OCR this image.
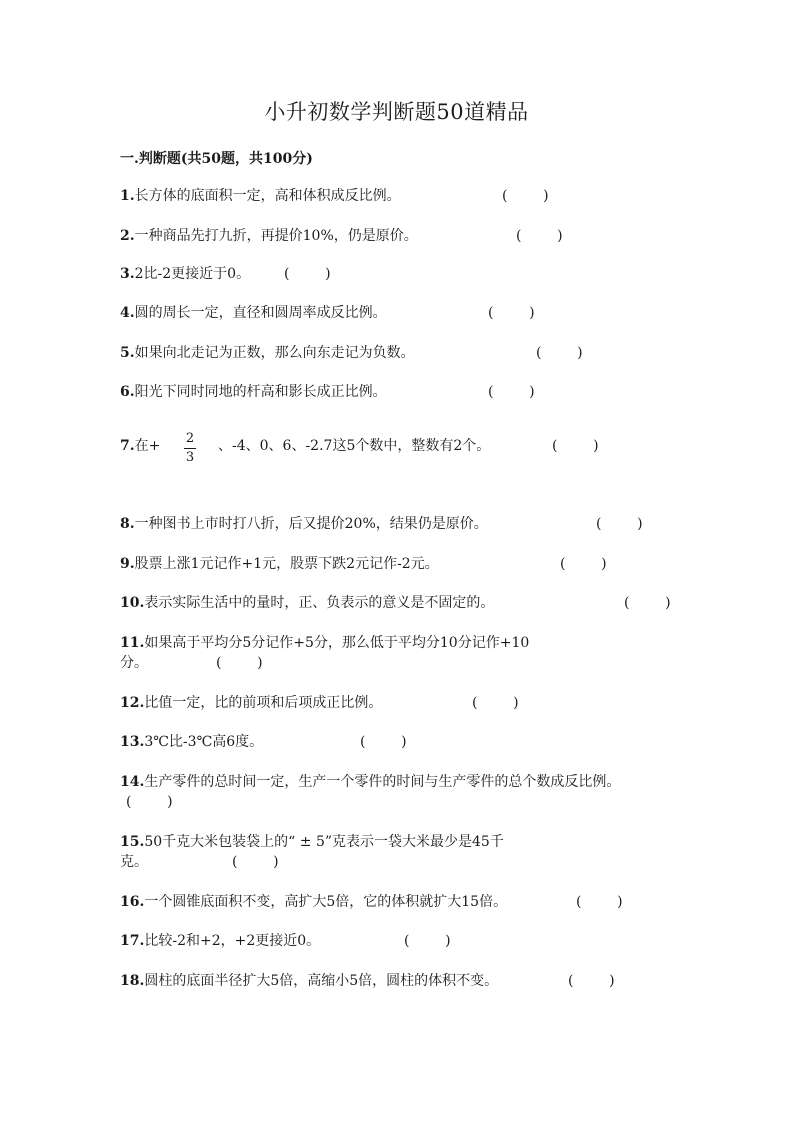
小升初数学判断题50道精品
一.判断题(共50题，共100分)
1.长方体的底面积一定，高和体积成反比例。	(        )
2.一种商品先打九折，再提价10%，仍是原价。	(        )
3.2比-2更接近于0。 (        )
4.圆的周长一定，直径和圆周率成反比例。	(        )
5.如果向北走记为正数，那么向东走记为负数。	(        )
6.阳光下同时同地的杆高和影长成正比例。	(        )
7.在+ 2
3
、-4、0、6、-2.7这5个数中，整数有2个。	(        )
8.一种图书上市时打八折，后又提价20%，结果仍是原价。	(        )
9.股票上涨1元记作+1元，股票下跌2元记作-2元。	(        )
10.表示实际生活中的量时，正、负表示的意义是不固定的。	(        )
11.如果高于平均分5分记作+5分，那么低于平均分10分记作+10
分。	(        )
12.比值一定，比的前项和后项成正比例。	(        )
13.3℃比-3℃高6度。	(        )
14.生产零件的总时间一定，生产一个零件的时间与生产零件的总个数成反比例。
(        )
15.50千克大米包装袋上的“ ± 5”克表示一袋大米最少是45千
克。	(        )
16.一个圆锥底面积不变，高扩大5倍，它的体积就扩大15倍。	(        )
17.比较-2和+2，+2更接近0。	(        )
18.圆柱的底面半径扩大5倍，高缩小5倍，圆柱的体积不变。	(        )
